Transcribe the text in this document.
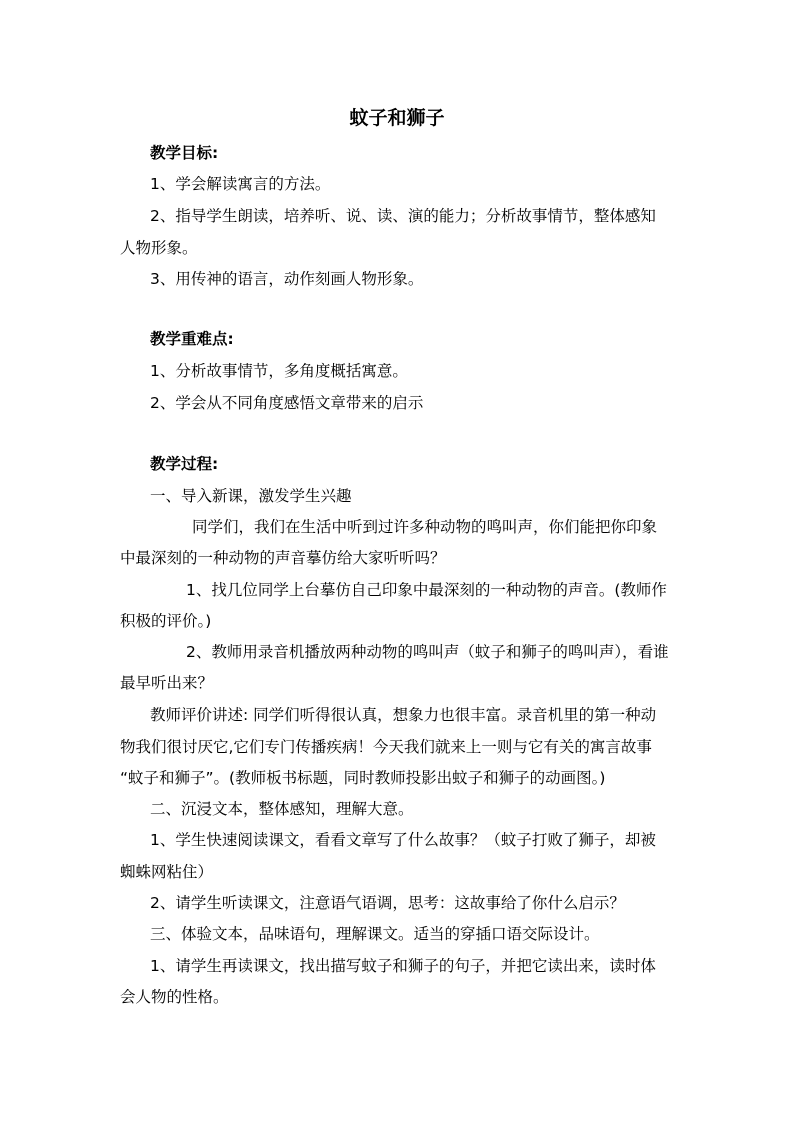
蚊子和狮子
教学目标:
1、学会解读寓言的方法。
2、指导学生朗读，培养听、说、读、演的能力；分析故事情节，整体感知
人物形象。
3、用传神的语言，动作刻画人物形象。
教学重难点:
1、分析故事情节，多角度概括寓意。
2、学会从不同角度感悟文章带来的启示
教学过程:
一、导入新课，激发学生兴趣
同学们，我们在生活中听到过许多种动物的鸣叫声，你们能把你印象
中最深刻的一种动物的声音摹仿给大家听听吗？
1、找几位同学上台摹仿自己印象中最深刻的一种动物的声音。(教师作
积极的评价。)
2、教师用录音机播放两种动物的鸣叫声（蚊子和狮子的鸣叫声），看谁
最早听出来？
教师评价讲述: 同学们听得很认真，想象力也很丰富。录音机里的第一种动
物我们很讨厌它,它们专门传播疾病！今天我们就来上一则与它有关的寓言故事
“蚊子和狮子”。(教师板书标题，同时教师投影出蚊子和狮子的动画图。)
二、沉浸文本，整体感知，理解大意。
1、学生快速阅读课文，看看文章写了什么故事？（蚊子打败了狮子，却被
蜘蛛网粘住）
2、请学生听读课文，注意语气语调，思考：这故事给了你什么启示？
三、体验文本，品味语句，理解课文。适当的穿插口语交际设计。
1、请学生再读课文，找出描写蚊子和狮子的句子，并把它读出来，读时体
会人物的性格。
